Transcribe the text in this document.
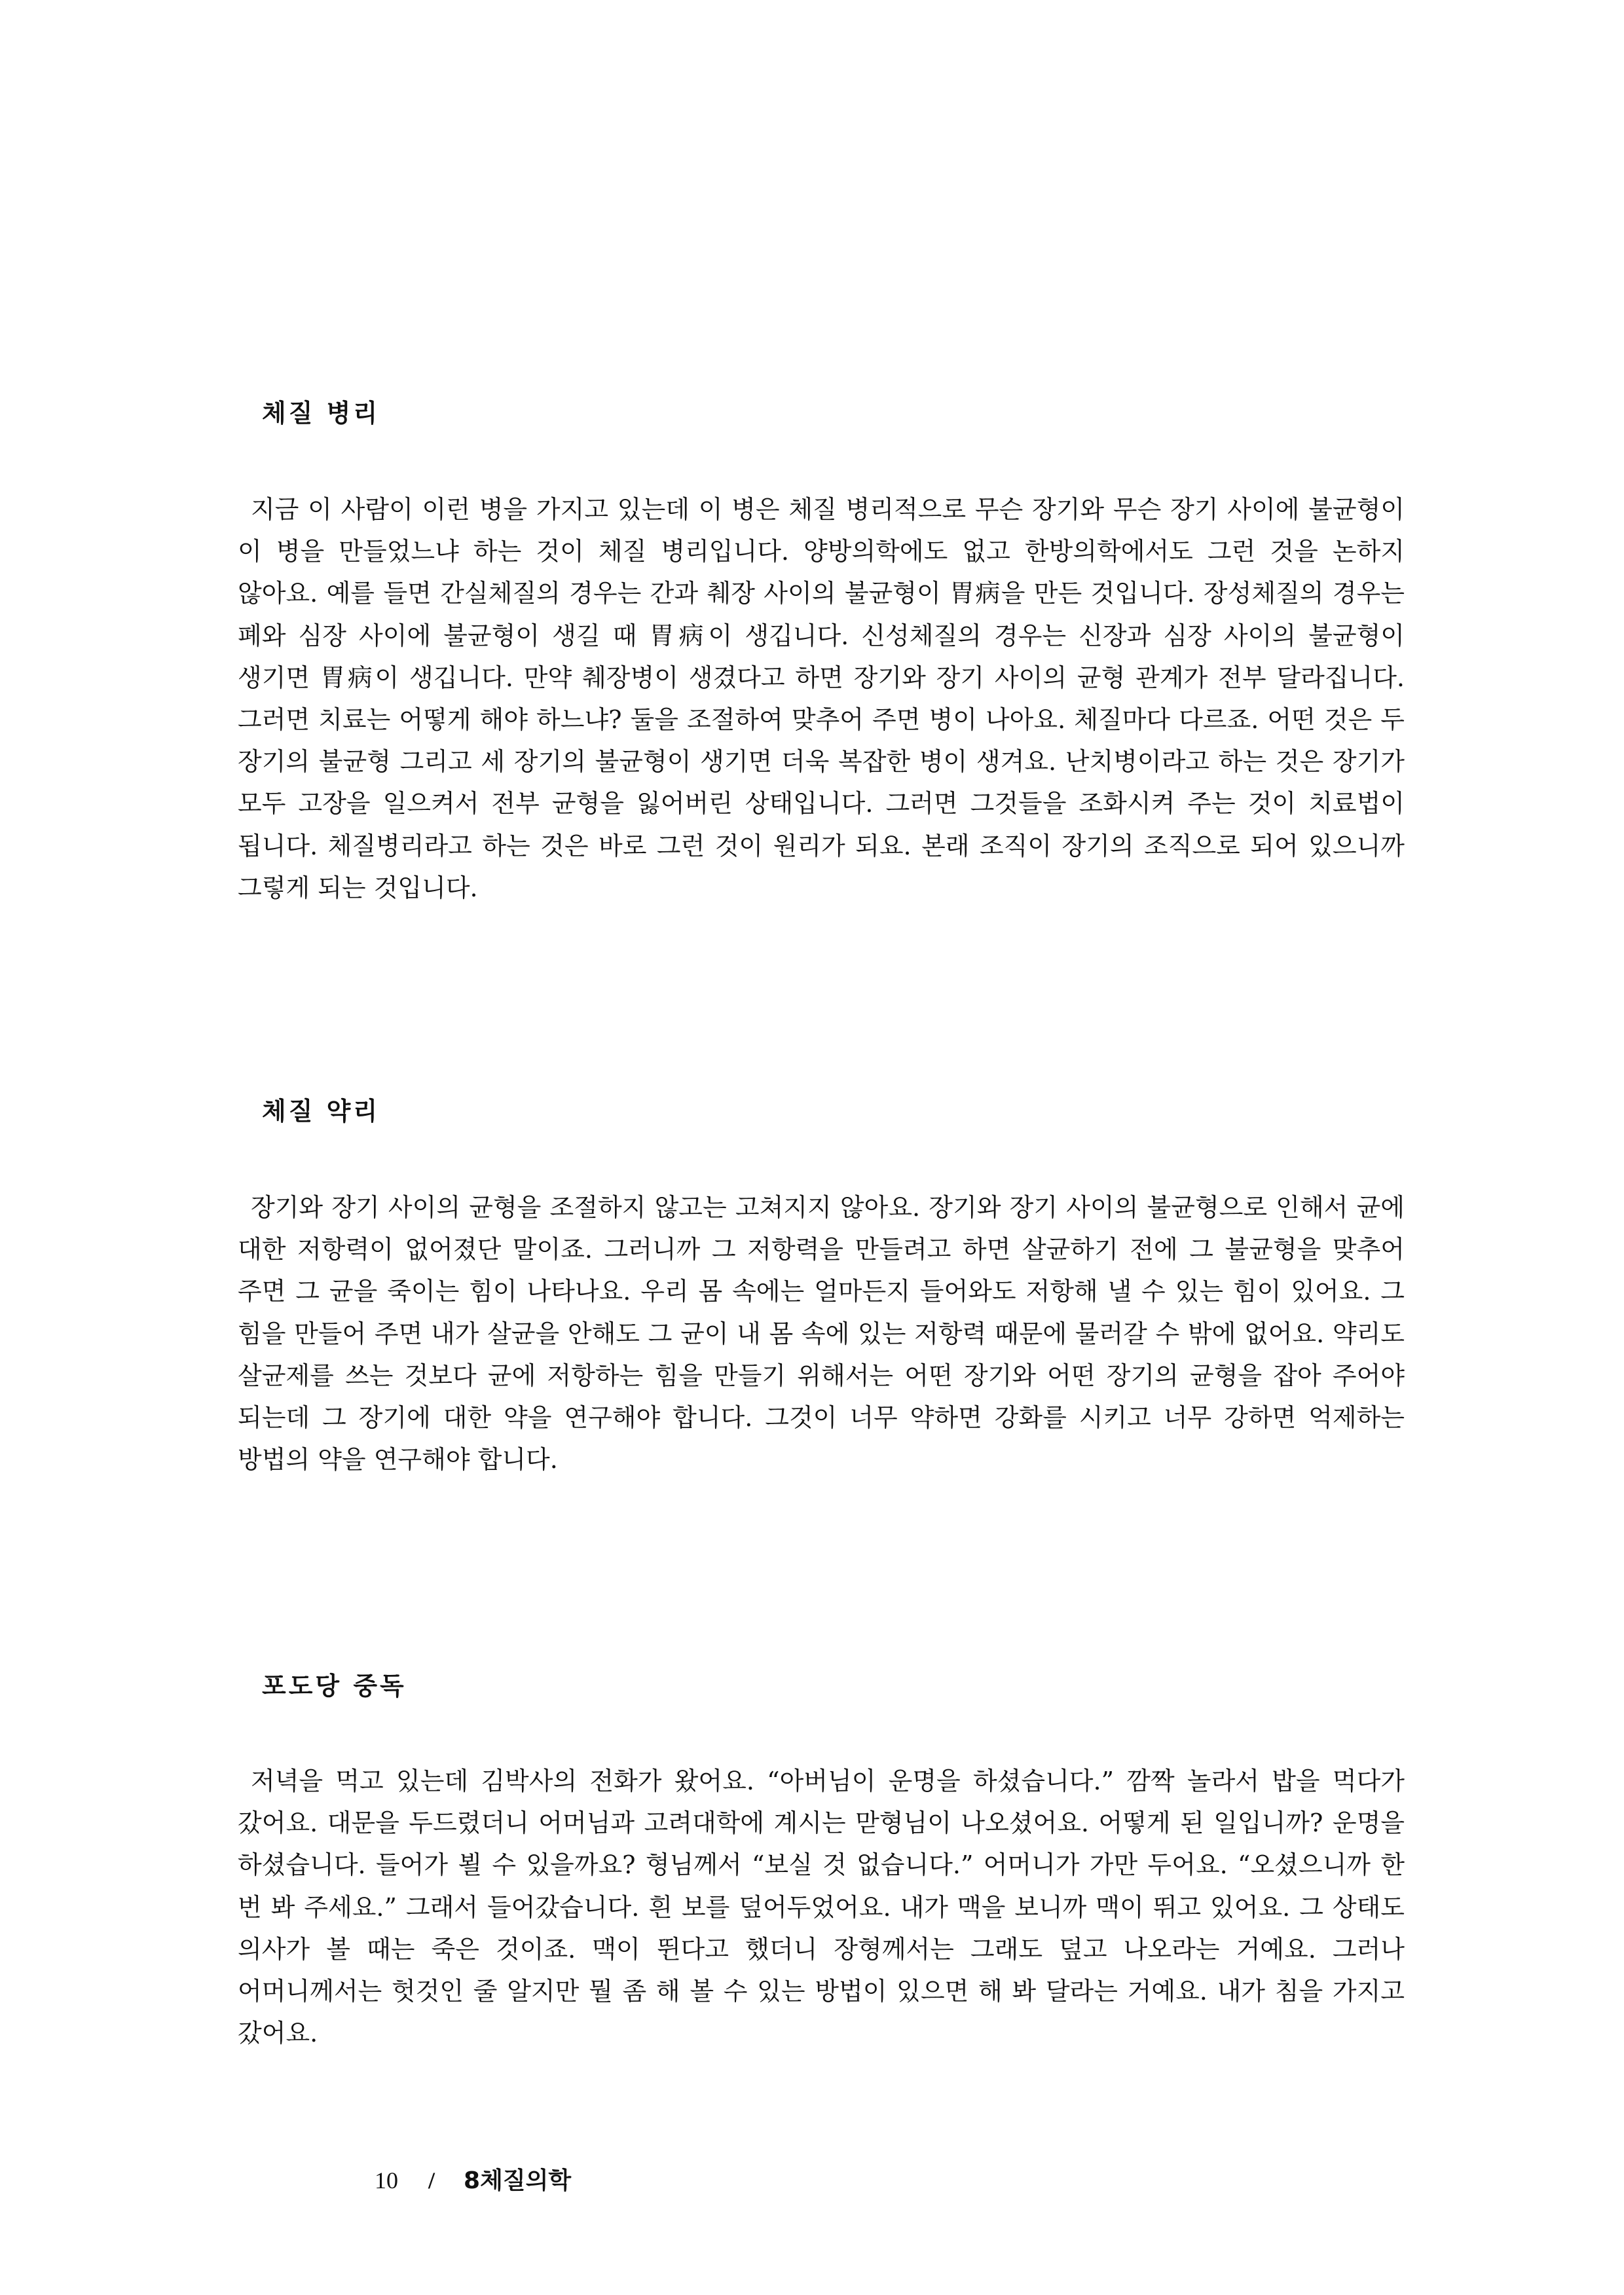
체질 병리

지금 이 사람이 이런 병을 가지고 있는데 이 병은 체질 병리적으로 무슨 장기와 무슨 장기 사이에 불균형이 이 병을 만들었느냐 하는 것이 체질 병리입니다. 양방의학에도 없고 한방의학에서도 그런 것을 논하지 않아요. 예를 들면 간실체질의 경우는 간과 췌장 사이의 불균형이 胃病을 만든 것입니다. 장성체질의 경우는 폐와 심장 사이에 불균형이 생길 때 胃病이 생깁니다. 신성체질의 경우는 신장과 심장 사이의 불균형이 생기면 胃病이 생깁니다. 만약 췌장병이 생겼다고 하면 장기와 장기 사이의 균형 관계가 전부 달라집니다. 그러면 치료는 어떻게 해야 하느냐? 둘을 조절하여 맞추어 주면 병이 나아요. 체질마다 다르죠. 어떤 것은 두 장기의 불균형 그리고 세 장기의 불균형이 생기면 더욱 복잡한 병이 생겨요. 난치병이라고 하는 것은 장기가 모두 고장을 일으켜서 전부 균형을 잃어버린 상태입니다. 그러면 그것들을 조화시켜 주는 것이 치료법이 됩니다. 체질병리라고 하는 것은 바로 그런 것이 원리가 되요. 본래 조직이 장기의 조직으로 되어 있으니까 그렇게 되는 것입니다.

체질 약리

장기와 장기 사이의 균형을 조절하지 않고는 고쳐지지 않아요. 장기와 장기 사이의 불균형으로 인해서 균에 대한 저항력이 없어졌단 말이죠. 그러니까 그 저항력을 만들려고 하면 살균하기 전에 그 불균형을 맞추어 주면 그 균을 죽이는 힘이 나타나요. 우리 몸 속에는 얼마든지 들어와도 저항해 낼 수 있는 힘이 있어요. 그 힘을 만들어 주면 내가 살균을 안해도 그 균이 내 몸 속에 있는 저항력 때문에 물러갈 수 밖에 없어요. 약리도 살균제를 쓰는 것보다 균에 저항하는 힘을 만들기 위해서는 어떤 장기와 어떤 장기의 균형을 잡아 주어야 되는데 그 장기에 대한 약을 연구해야 합니다. 그것이 너무 약하면 강화를 시키고 너무 강하면 억제하는 방법의 약을 연구해야 합니다.

포도당 중독

저녁을 먹고 있는데 김박사의 전화가 왔어요. “아버님이 운명을 하셨습니다.” 깜짝 놀라서 밥을 먹다가 갔어요. 대문을 두드렸더니 어머님과 고려대학에 계시는 맏형님이 나오셨어요. 어떻게 된 일입니까? 운명을 하셨습니다. 들어가 뵐 수 있을까요? 형님께서 “보실 것 없습니다.” 어머니가 가만 두어요. “오셨으니까 한 번 봐 주세요.” 그래서 들어갔습니다. 흰 보를 덮어두었어요. 내가 맥을 보니까 맥이 뛰고 있어요. 그 상태도 의사가 볼 때는 죽은 것이죠. 맥이 뛴다고 했더니 장형께서는 그래도 덮고 나오라는 거예요. 그러나 어머니께서는 헛것인 줄 알지만 뭘 좀 해 볼 수 있는 방법이 있으면 해 봐 달라는 거예요. 내가 침을 가지고 갔어요.

10 / 8체질의학
